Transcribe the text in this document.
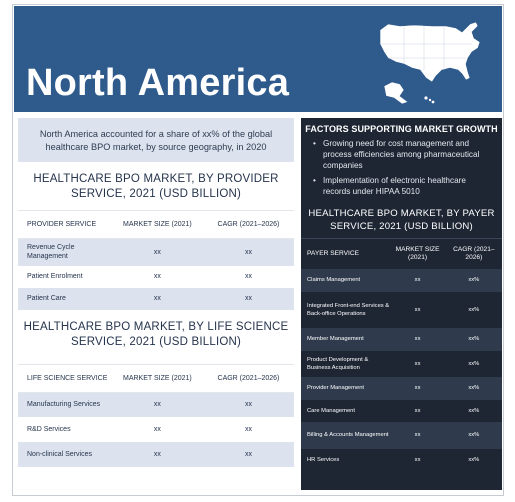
North America
North America accounted for a share of xx% of the global healthcare BPO market, by source geography, in 2020
HEALTHCARE BPO MARKET, BY PROVIDER SERVICE, 2021 (USD BILLION)
PROVIDER SERVICE	MARKET SIZE (2021)	CAGR (2021–2026)
Revenue Cycle Management	xx	xx
Patient Enrolment	xx	xx
Patient Care	xx	xx
HEALTHCARE BPO MARKET, BY LIFE SCIENCE SERVICE, 2021 (USD BILLION)
LIFE SCIENCE SERVICE	MARKET SIZE (2021)	CAGR (2021–2026)
Manufacturing Services	xx	xx
R&D Services	xx	xx
Non-clinical Services	xx	xx
FACTORS SUPPORTING MARKET GROWTH
• Growing need for cost management and process efficiencies among pharmaceutical companies
• Implementation of electronic healthcare records under HIPAA 5010
HEALTHCARE BPO MARKET, BY PAYER SERVICE, 2021 (USD BILLION)
PAYER SERVICE	MARKET SIZE (2021)	CAGR (2021–2026)
Claims Management	xx	xx%
Integrated Front-end Services & Back-office Operations	xx	xx%
Member Management	xx	xx%
Product Development & Business Acquisition	xx	xx%
Provider Management	xx	xx%
Care Management	xx	xx%
Billing & Accounts Management	xx	xx%
HR Services	xx	xx%
